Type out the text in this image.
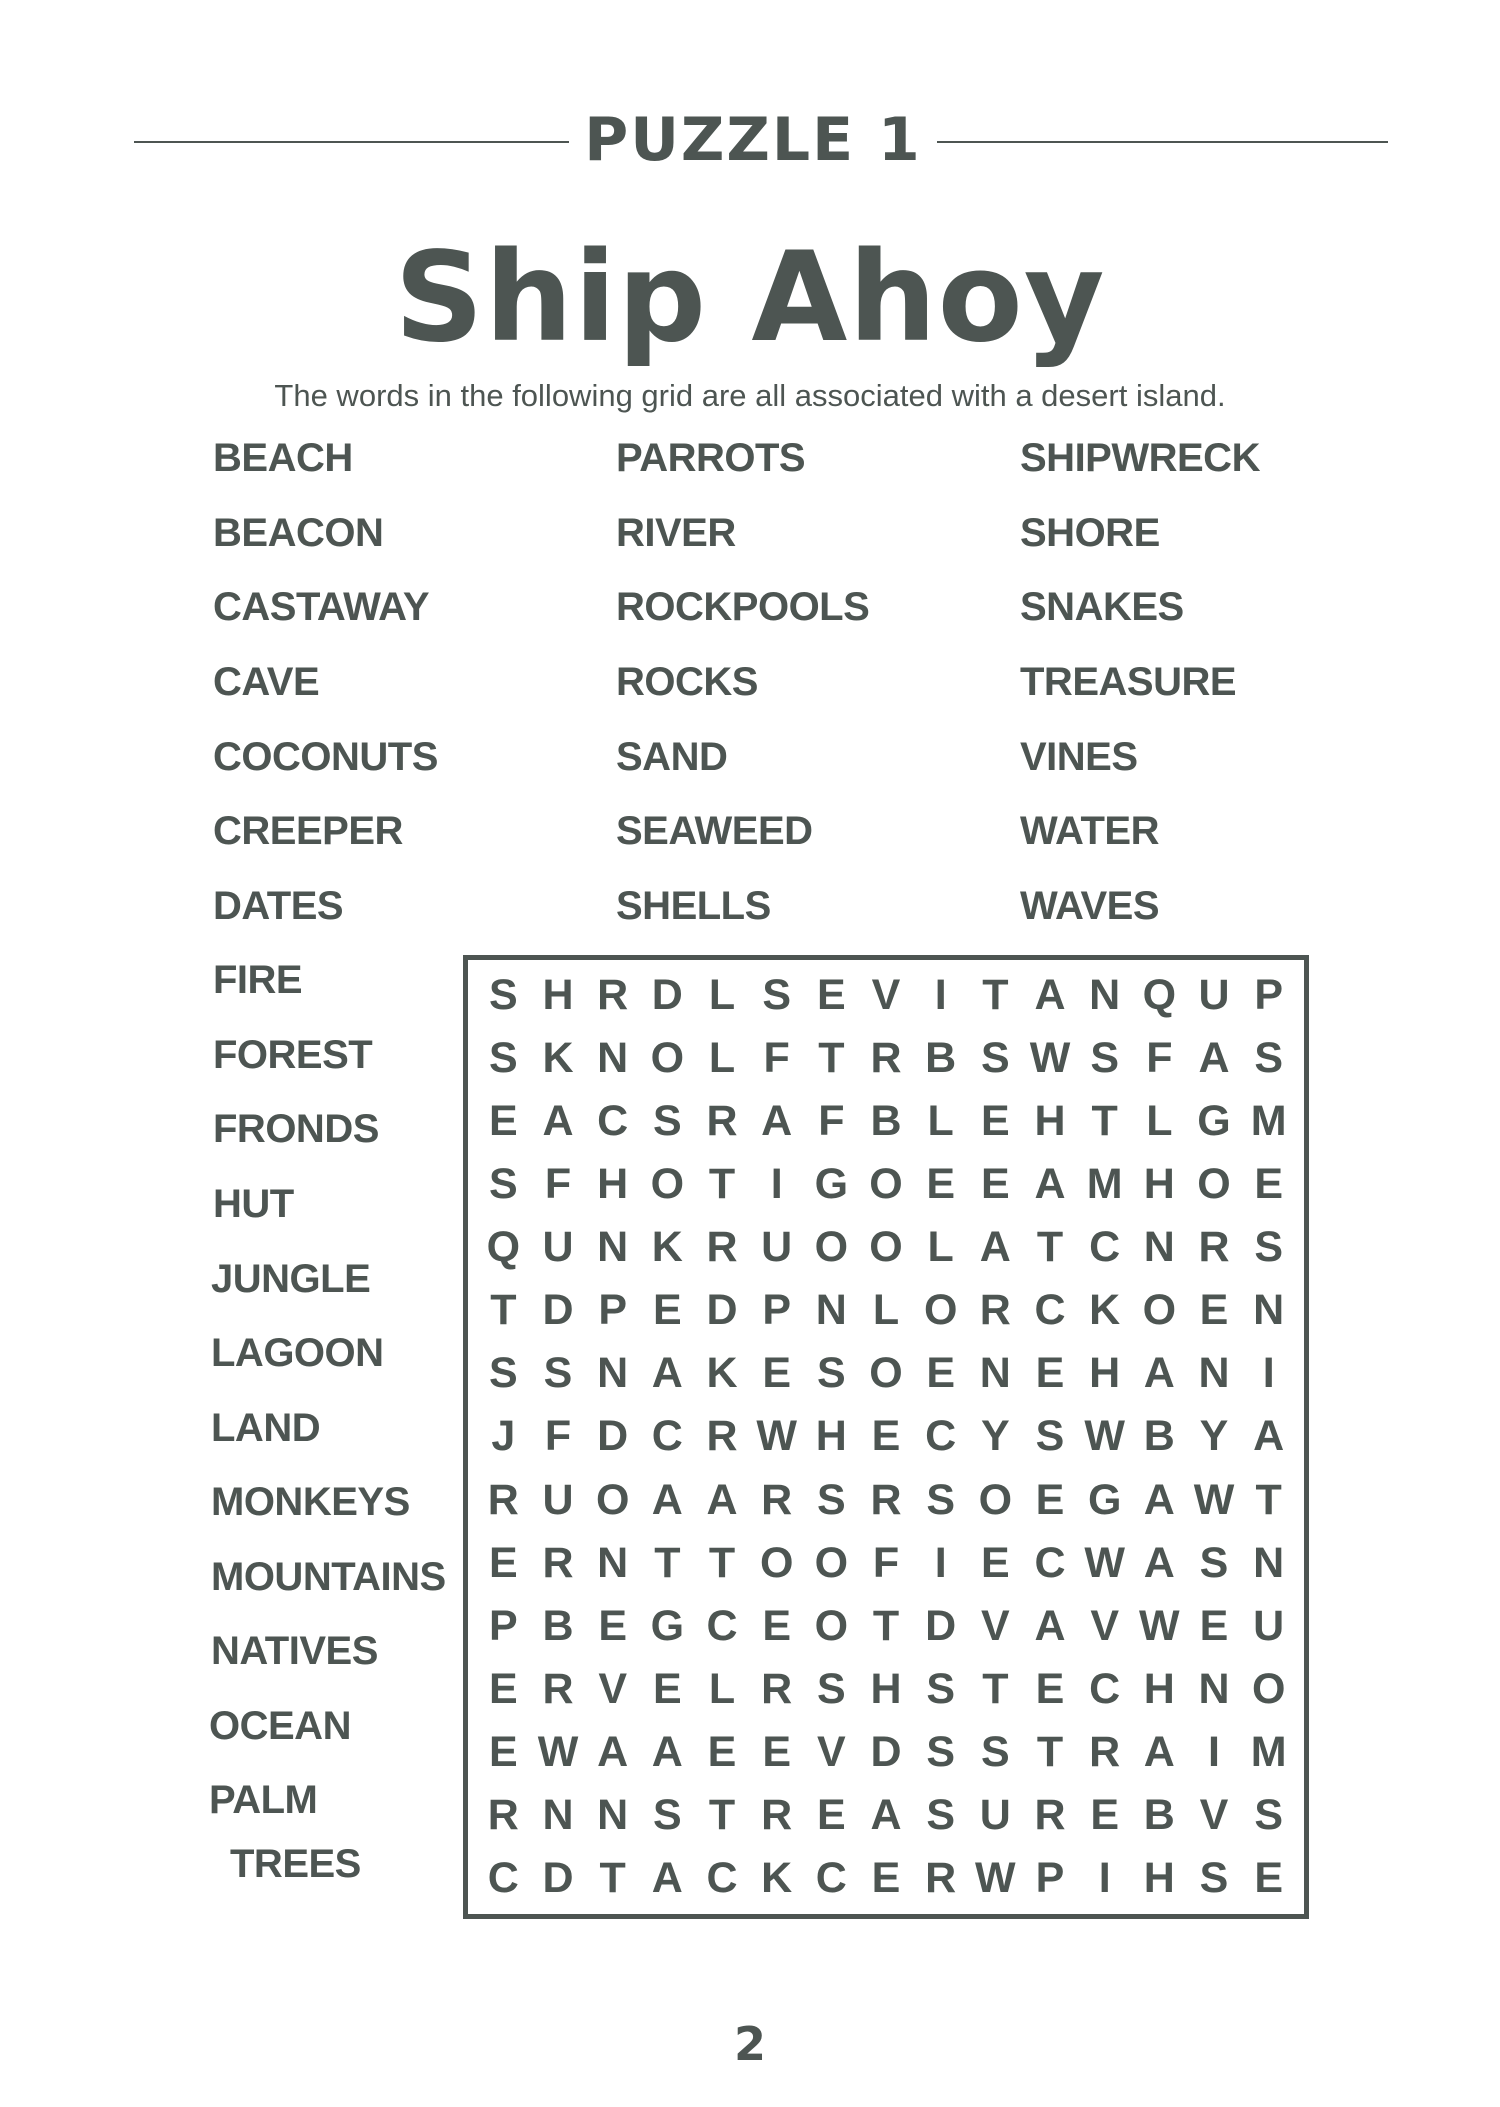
PUZZLE 1
Ship Ahoy
The words in the following grid are all associated with a desert island.
BEACH
BEACON
CASTAWAY
CAVE
COCONUTS
CREEPER
DATES
FIRE
FOREST
FRONDS
HUT
JUNGLE
LAGOON
LAND
MONKEYS
MOUNTAINS
NATIVES
OCEAN
PALM
TREES
PARROTS
RIVER
ROCKPOOLS
ROCKS
SAND
SEAWEED
SHELLS
SHIPWRECK
SHORE
SNAKES
TREASURE
VINES
WATER
WAVES
S H R D L S E V I T A N Q U P
S K N O L F T R B S W S F A S
E A C S R A F B L E H T L G M
S F H O T I G O E E A M H O E
Q U N K R U O O L A T C N R S
T D P E D P N L O R C K O E N
S S N A K E S O E N E H A N I
J F D C R W H E C Y S W B Y A
R U O A A R S R S O E G A W T
E R N T T O O F I E C W A S N
P B E G C E O T D V A V W E U
E R V E L R S H S T E C H N O
E W A A E E V D S S T R A I M
R N N S T R E A S U R E B V S
C D T A C K C E R W P I H S E
2
